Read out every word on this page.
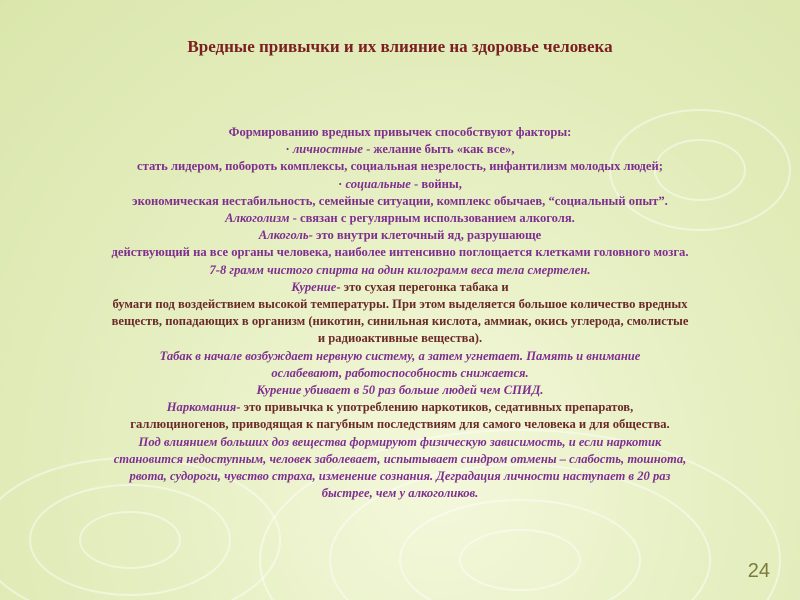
Вредные привычки и их влияние на здоровье человека

Формированию вредных привычек способствуют факторы:

· личностные - желание быть «как все»,

стать лидером, побороть комплексы, социальная незрелость, инфантилизм молодых людей;

· социальные - войны,

экономическая нестабильность, семейные ситуации, комплекс обычаев, “социальный опыт”.

Алкоголизм - связан с регулярным использованием алкоголя.

Алкоголь- это внутри клеточный яд, разрушающе

действующий на все органы человека, наиболее интенсивно поглощается клетками головного мозга.

7-8 грамм чистого спирта на один килограмм веса тела смертелен.

Курение- это сухая перегонка табака и

бумаги под воздействием высокой температуры. При этом выделяется большое количество вредных

веществ, попадающих в организм (никотин, синильная кислота, аммиак, окись углерода, смолистые

и радиоактивные вещества).

Табак в начале возбуждает нервную систему, а затем угнетает. Память и внимание

ослабевают, работоспособность снижается.

Курение убивает в 50 раз больше людей чем СПИД.

Наркомания- это привычка к употреблению наркотиков, седативных препаратов,

галлюциногенов, приводящая к пагубным последствиям для самого человека и для общества.

Под влиянием больших доз вещества формируют физическую зависимость, и если наркотик

становится недоступным, человек заболевает, испытывает синдром отмены – слабость, тошнота,

рвота, судороги, чувство страха, изменение сознания. Деградация личности наступает в 20 раз

быстрее, чем у алкоголиков.

24
